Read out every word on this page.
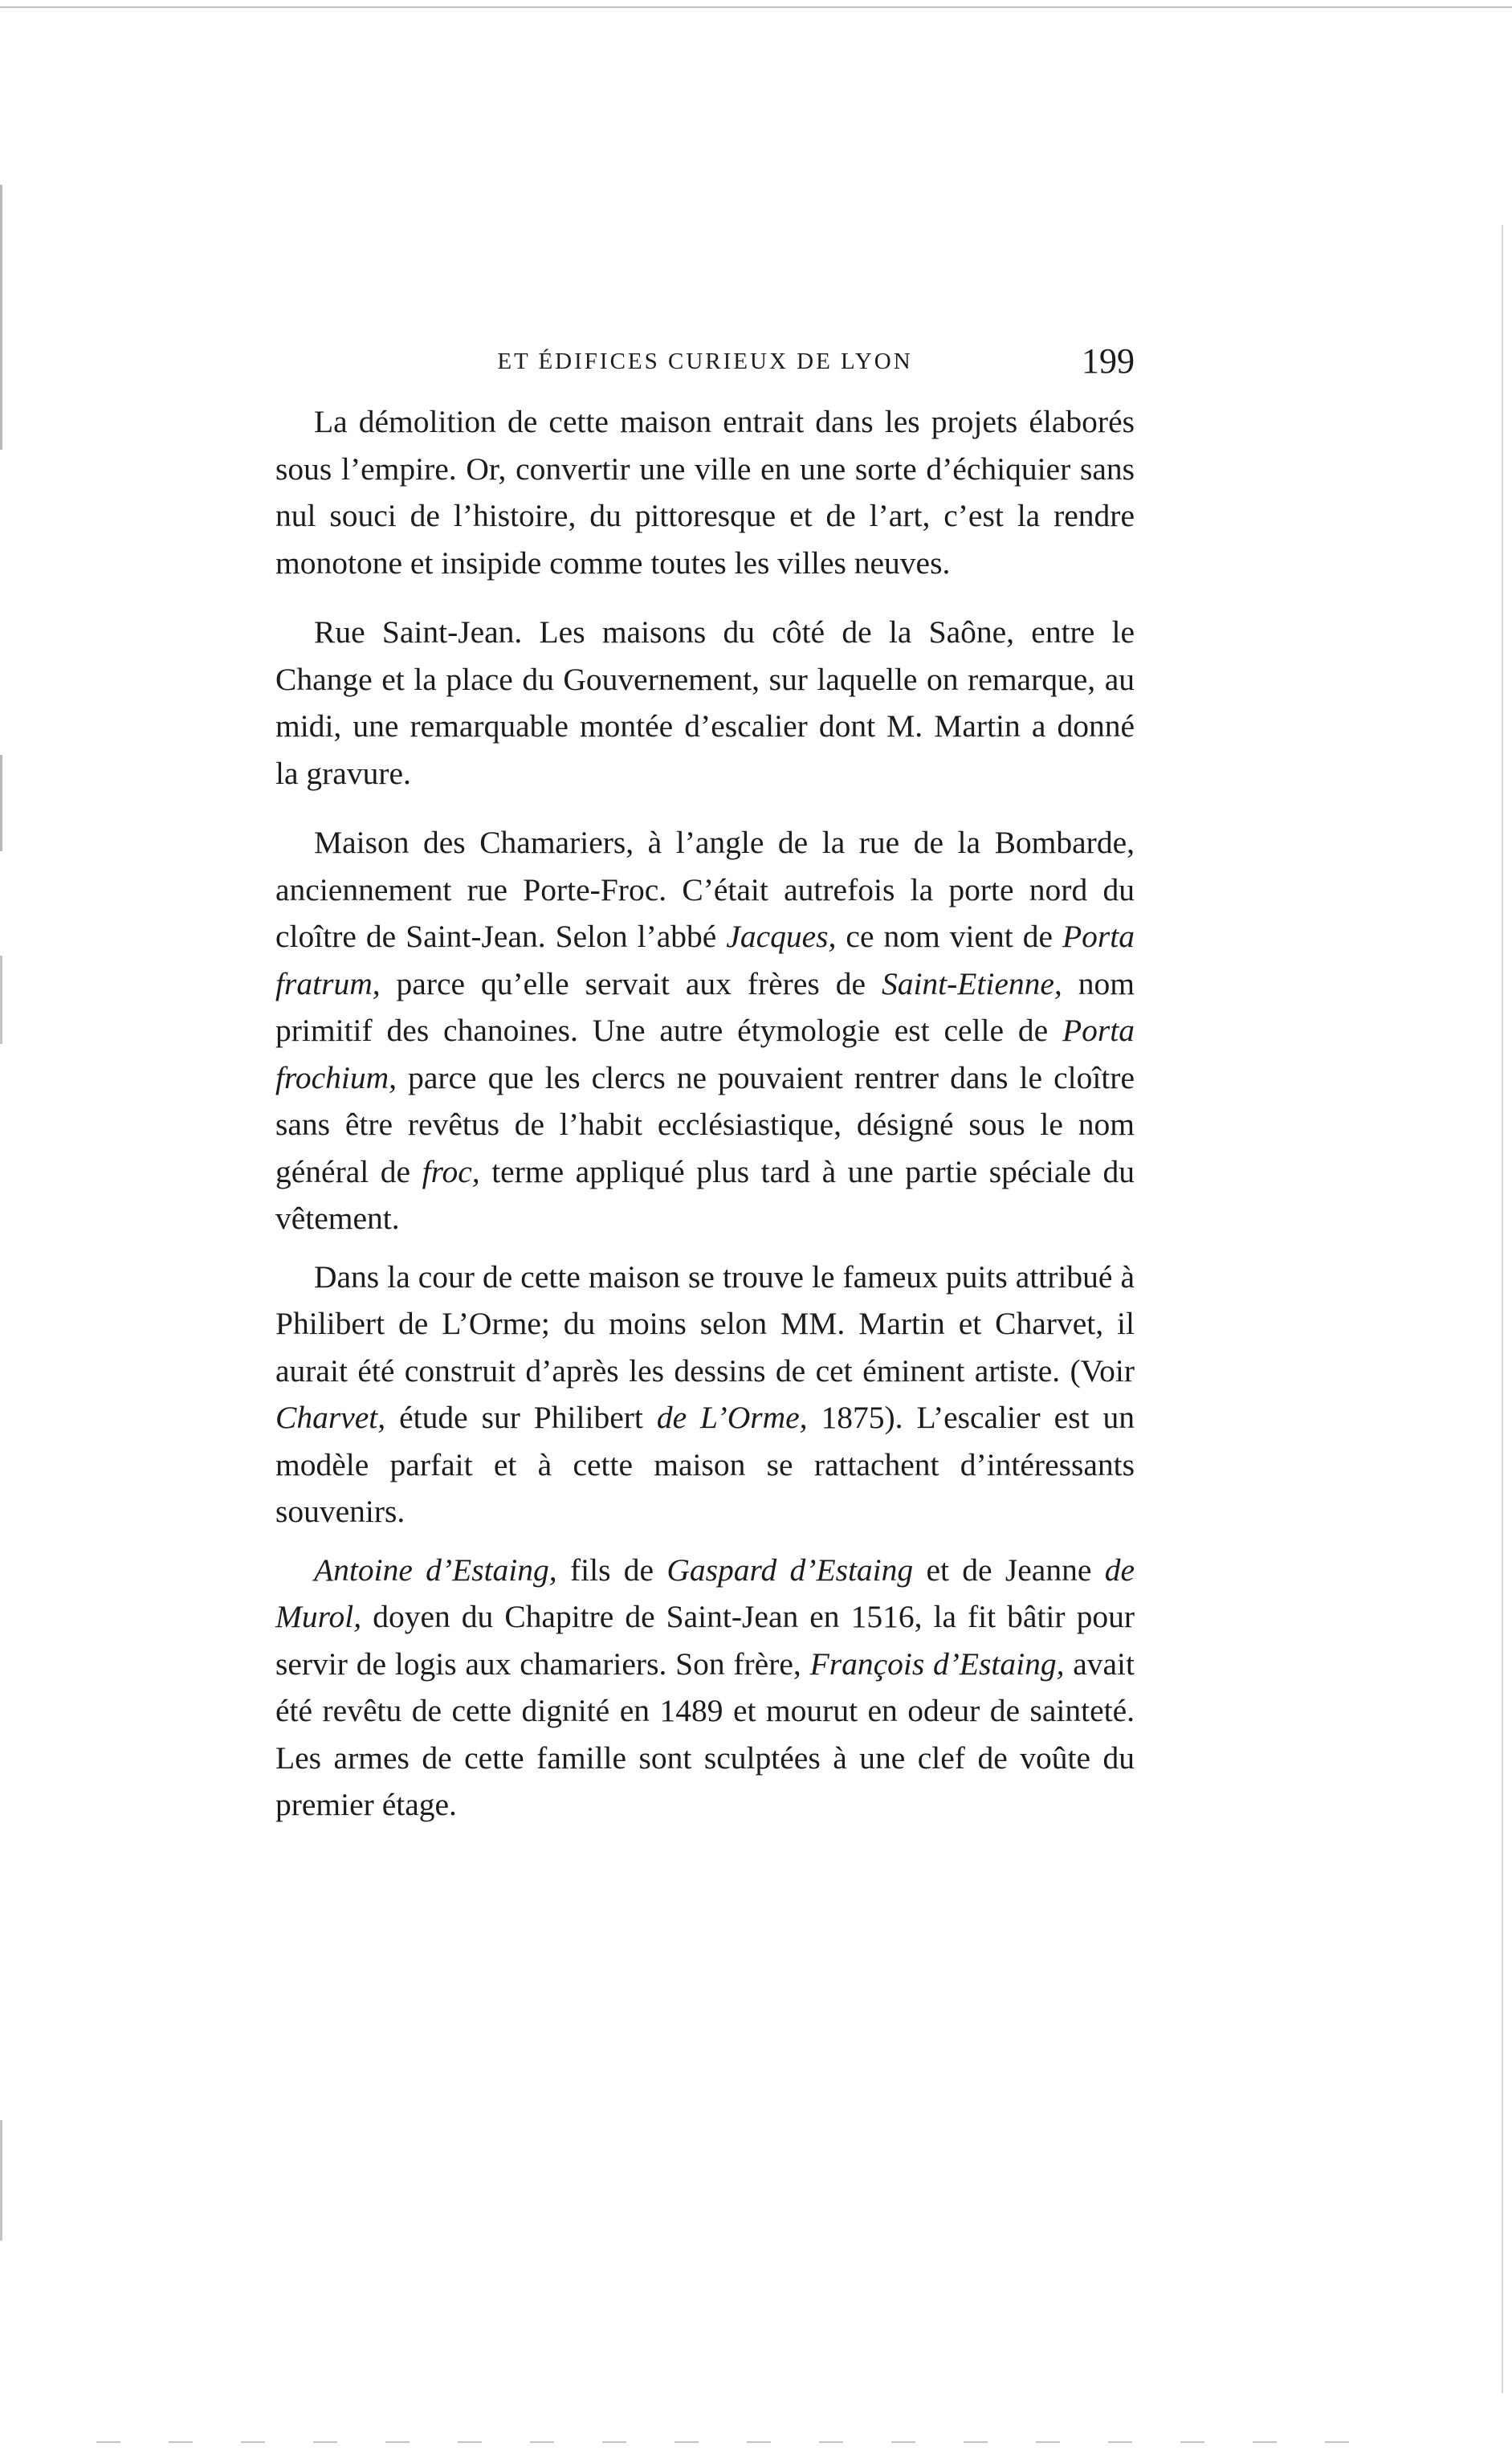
ET ÉDIFICES CURIEUX DE LYON	199

La démolition de cette maison entrait dans les projets élaborés sous l’empire. Or, convertir une ville en une sorte d’échiquier sans nul souci de l’histoire, du pittoresque et de l’art, c’est la rendre monotone et insipide comme toutes les villes neuves.

Rue Saint-Jean. Les maisons du côté de la Saône, entre le Change et la place du Gouvernement, sur laquelle on remarque, au midi, une remarquable montée d’escalier dont M. Martin a donné la gravure.

Maison des Chamariers, à l’angle de la rue de la Bombarde, anciennement rue Porte-Froc. C’était autrefois la porte nord du cloître de Saint-Jean. Selon l’abbé Jacques, ce nom vient de Porta fratrum, parce qu’elle servait aux frères de Saint-Etienne, nom primitif des chanoines. Une autre étymologie est celle de Porta frochium, parce que les clercs ne pouvaient rentrer dans le cloître sans être revêtus de l’habit ecclésiastique, désigné sous le nom général de froc, terme appliqué plus tard à une partie spéciale du vêtement.

Dans la cour de cette maison se trouve le fameux puits attribué à Philibert de L’Orme; du moins selon MM. Martin et Charvet, il aurait été construit d’après les dessins de cet éminent artiste. (Voir Charvet, étude sur Philibert de L’Orme, 1875). L’escalier est un modèle parfait et à cette maison se rattachent d’intéressants souvenirs.

Antoine d’Estaing, fils de Gaspard d’Estaing et de Jeanne de Murol, doyen du Chapitre de Saint-Jean en 1516, la fit bâtir pour servir de logis aux chamariers. Son frère, François d’Estaing, avait été revêtu de cette dignité en 1489 et mourut en odeur de sainteté. Les armes de cette famille sont sculptées à une clef de voûte du premier étage.
